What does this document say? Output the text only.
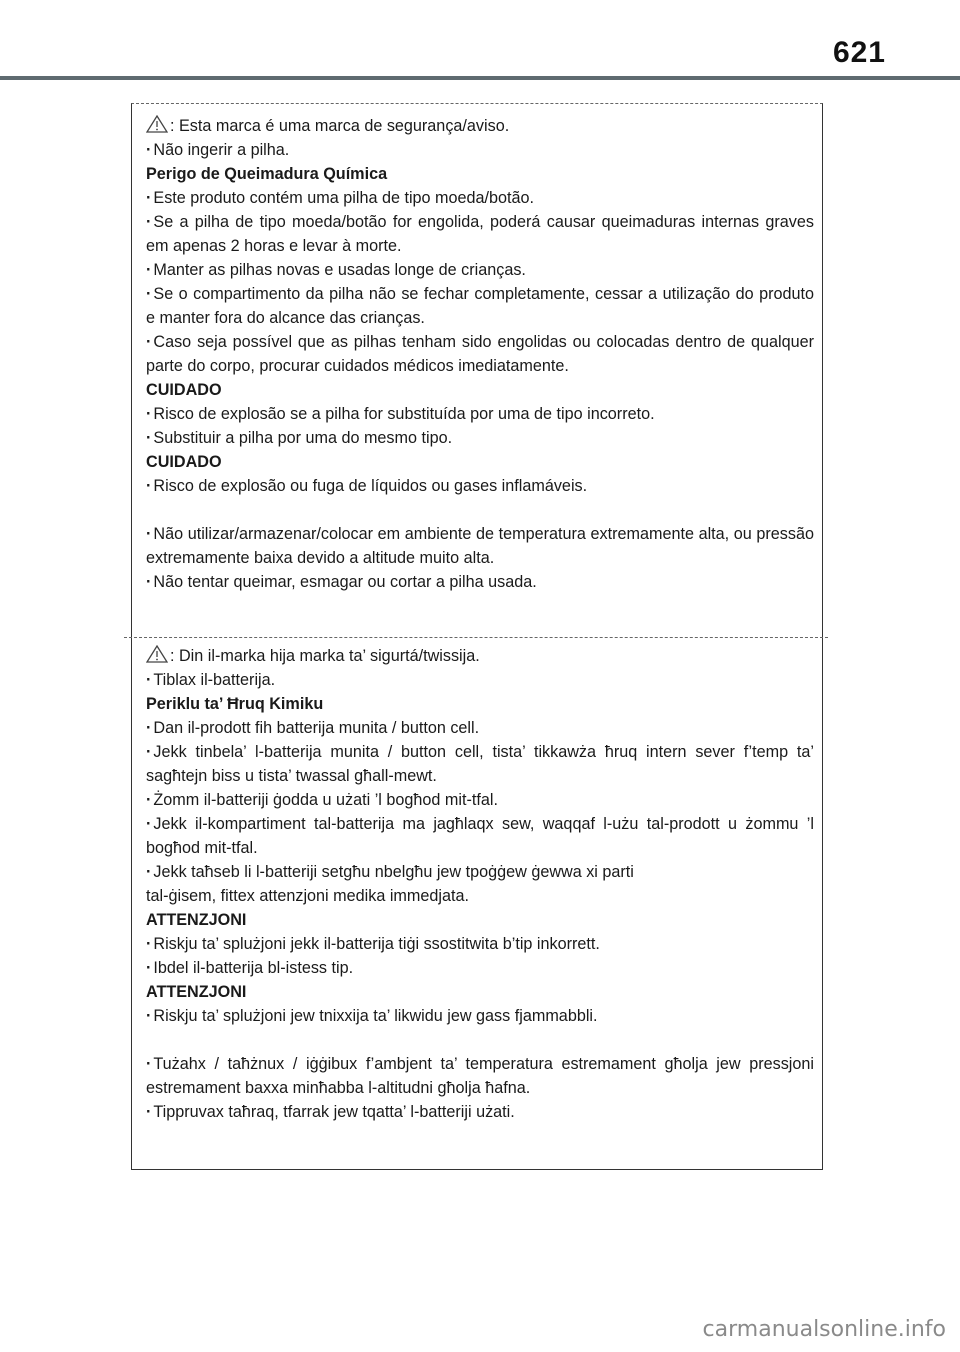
621

: Esta marca é uma marca de segurança/aviso.

· Não ingerir a pilha.

Perigo de Queimadura Química

· Este produto contém uma pilha de tipo moeda/botão.

· Se a pilha de tipo moeda/botão for engolida, poderá causar queimaduras internas graves em apenas 2 horas e levar à morte.

· Manter as pilhas novas e usadas longe de crianças.

· Se o compartimento da pilha não se fechar completamente, cessar a utilização do produto e manter fora do alcance das crianças.

· Caso seja possível que as pilhas tenham sido engolidas ou colocadas dentro de qualquer parte do corpo, procurar cuidados médicos imediatamente.

CUIDADO

· Risco de explosão se a pilha for substituída por uma de tipo incorreto.

· Substituir a pilha por uma do mesmo tipo.

CUIDADO

· Risco de explosão ou fuga de líquidos ou gases inflamáveis.

· Não utilizar/armazenar/colocar em ambiente de temperatura extremamente alta, ou pressão extremamente baixa devido a altitude muito alta.

· Não tentar queimar, esmagar ou cortar a pilha usada.

: Din il-marka hija marka ta’ sigurtá/twissija.

· Tiblax il-batterija.

Periklu ta’ Ħruq Kimiku

· Dan il-prodott fih batterija munita / button cell.

· Jekk tinbela’ l-batterija munita / button cell, tista’ tikkawża ħruq intern sever f’temp ta’ sagħtejn biss u tista’ twassal għall-mewt.

· Żomm il-batteriji ġodda u użati ’l bogħod mit-tfal.

· Jekk il-kompartiment tal-batterija ma jagħlaqx sew, waqqaf l-użu tal-prodott u żommu ’l bogħod mit-tfal.

· Jekk taħseb li l-batteriji setgħu nbelgħu jew tpoġġew ġewwa xi parti

tal-ġisem, fittex attenzjoni medika immedjata.

ATTENZJONI

· Riskju ta’ splużjoni jekk il-batterija tiġi ssostitwita b’tip inkorrett.

· Ibdel il-batterija bl-istess tip.

ATTENZJONI

· Riskju ta’ splużjoni jew tnixxija ta’ likwidu jew gass fjammabbli.

· Tużahx / taħżnux / iġġibux f’ambjent ta’ temperatura estremament għolja jew pressjoni estremament baxxa minħabba l-altitudni għolja ħafna.

· Tippruvax taħraq, tfarrak jew tqatta’ l-batteriji użati.

carmanualsonline.info
